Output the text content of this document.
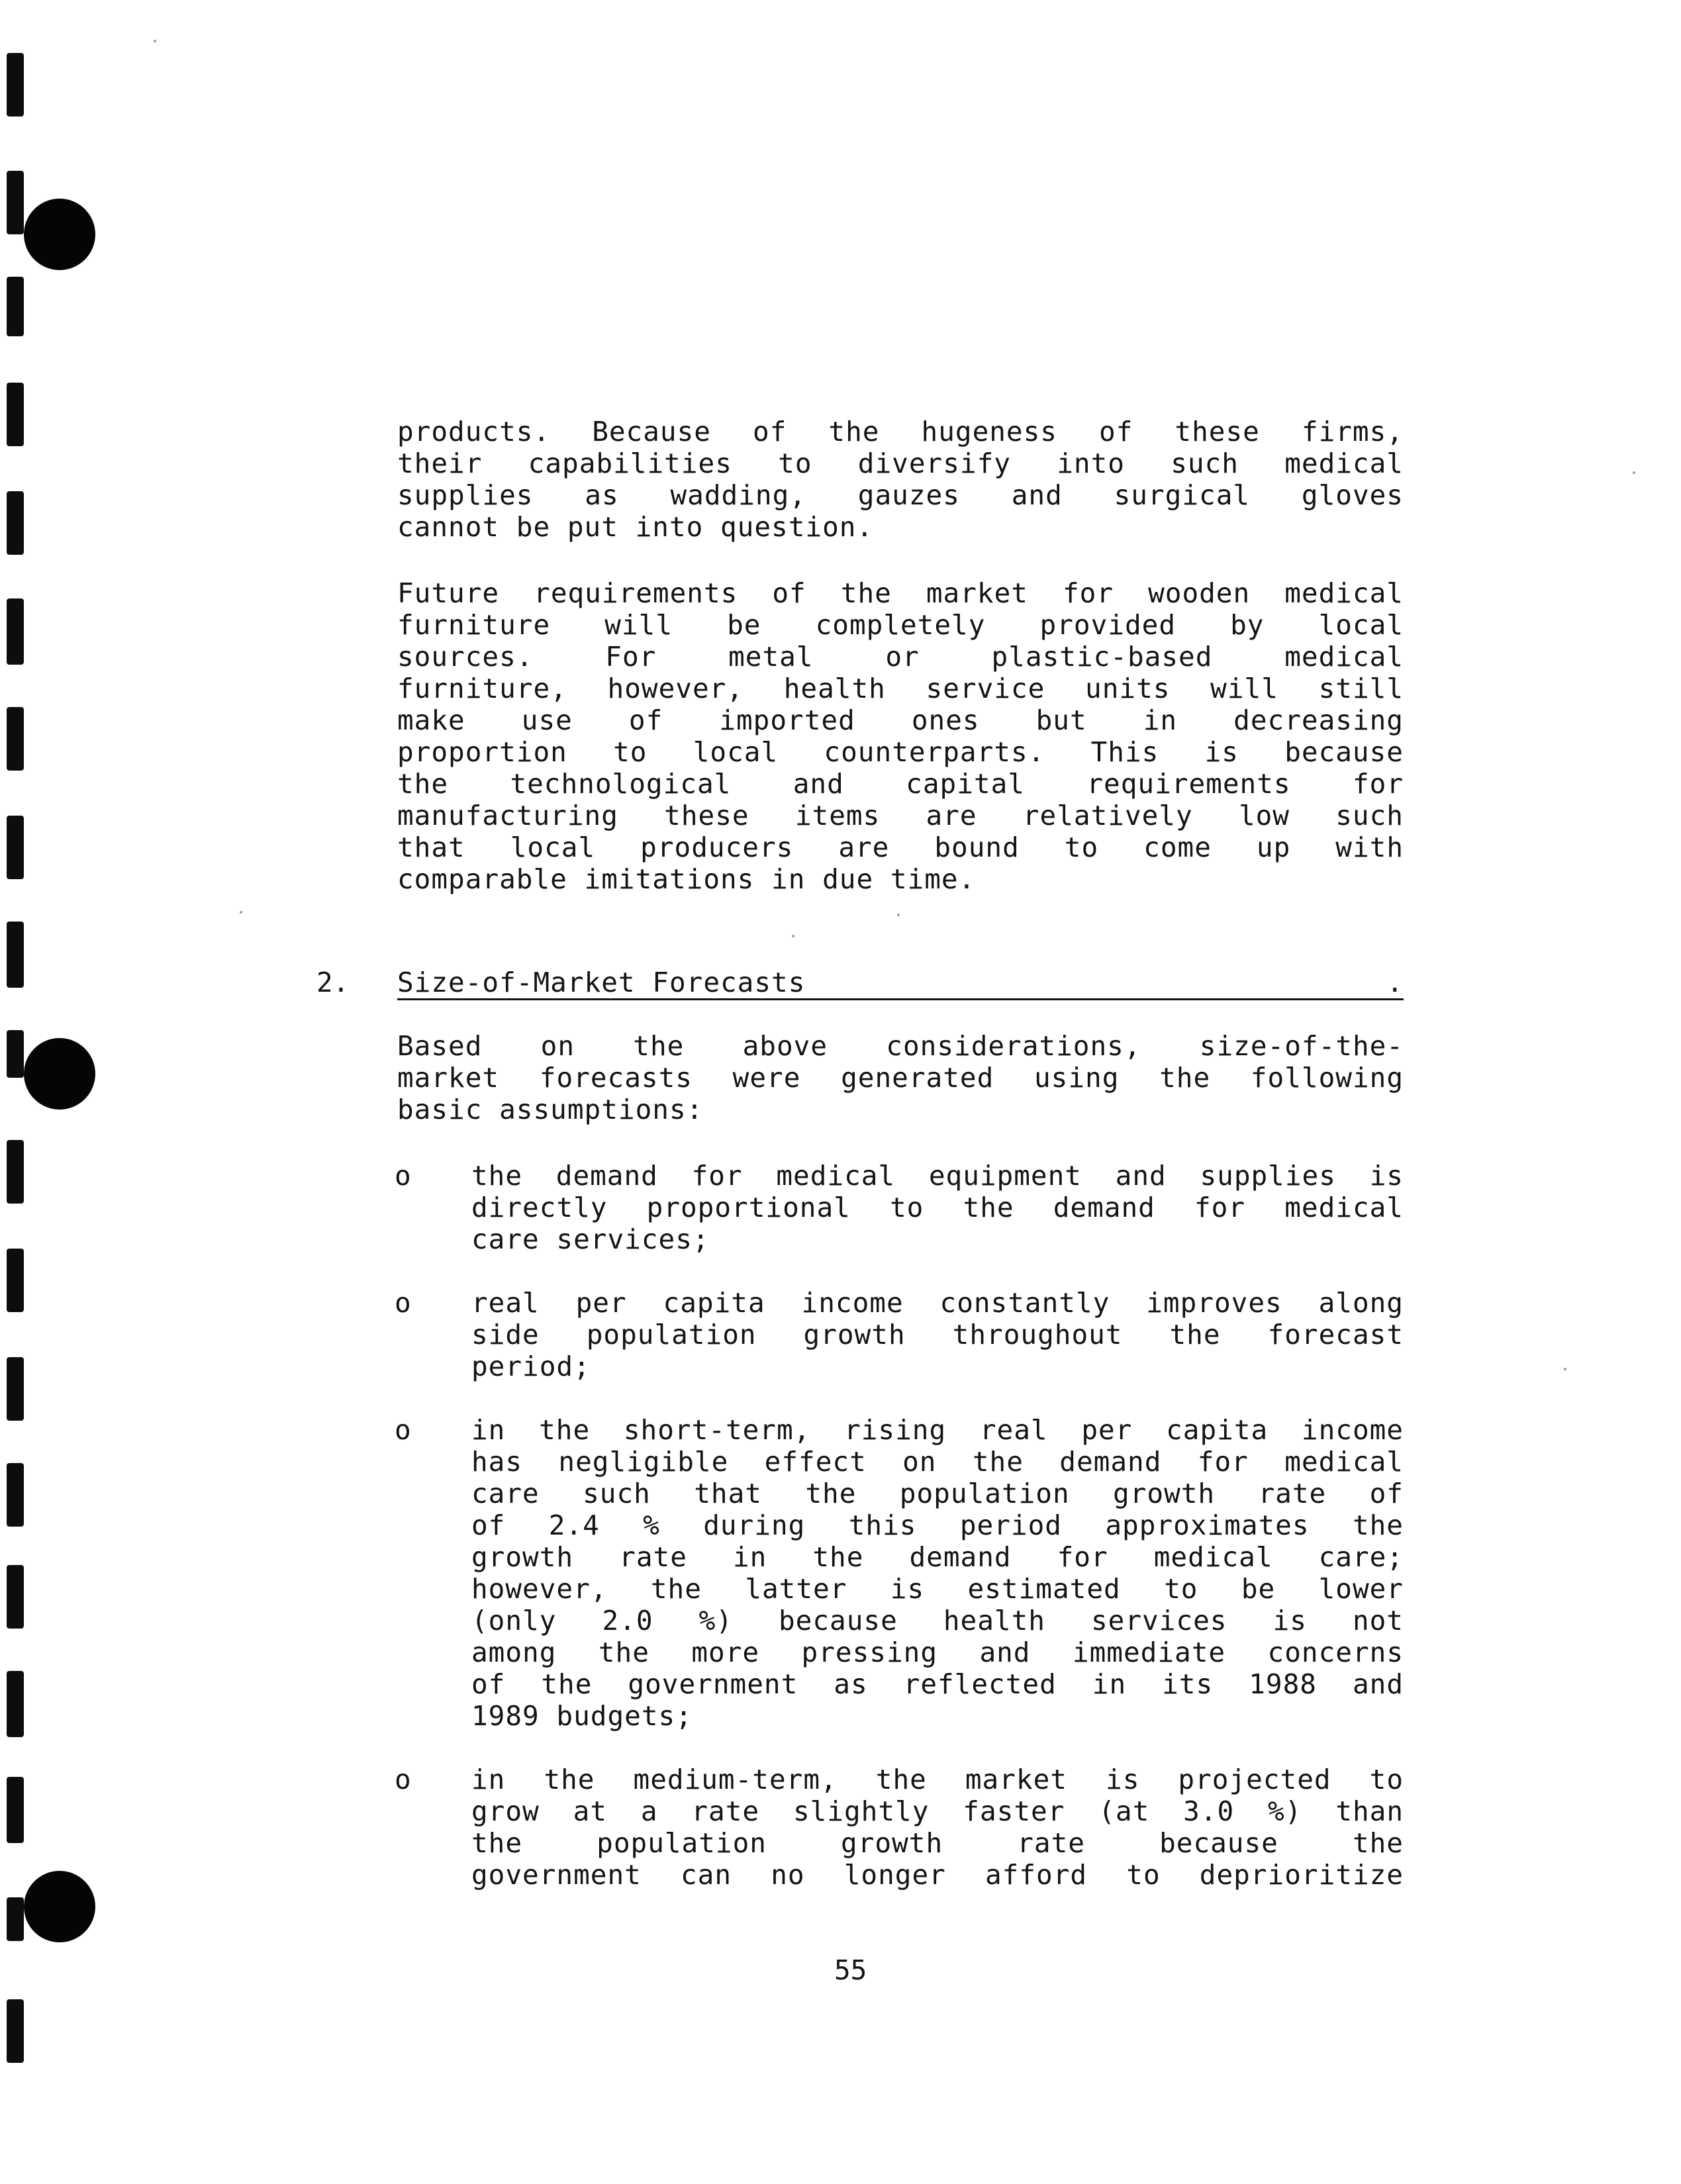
products. Because of the hugeness of these firms,
their capabilities to diversify into such medical
supplies as wadding, gauzes and surgical gloves
cannot be put into question.
Future requirements of the market for wooden medical
furniture will be completely provided by local
sources. For metal or plastic-based medical
furniture, however, health service units will still
make use of imported ones but in decreasing
proportion to local counterparts. This is because
the technological and capital requirements for
manufacturing these items are relatively low such
that local producers are bound to come up with
comparable imitations in due time.
2. Size-of-Market Forecasts	.
Based on the above considerations, size-of-the-
market forecasts were generated using the following
basic assumptions:
o the demand for medical equipment and supplies is
directly proportional to the demand for medical
care services;
o real per capita income constantly improves along
side population growth throughout the forecast
period;
o in the short-term, rising real per capita income
has negligible effect on the demand for medical
care such that the population growth rate of
of 2.4 % during this period approximates the
growth rate in the demand for medical care;
however, the latter is estimated to be lower
(only 2.0 %) because health services is not
among the more pressing and immediate concerns
of the government as reflected in its 1988 and
1989 budgets;
o in the medium-term, the market is projected to
grow at a rate slightly faster (at 3.0 %) than
the population growth rate because the
government can no longer afford to deprioritize
55
